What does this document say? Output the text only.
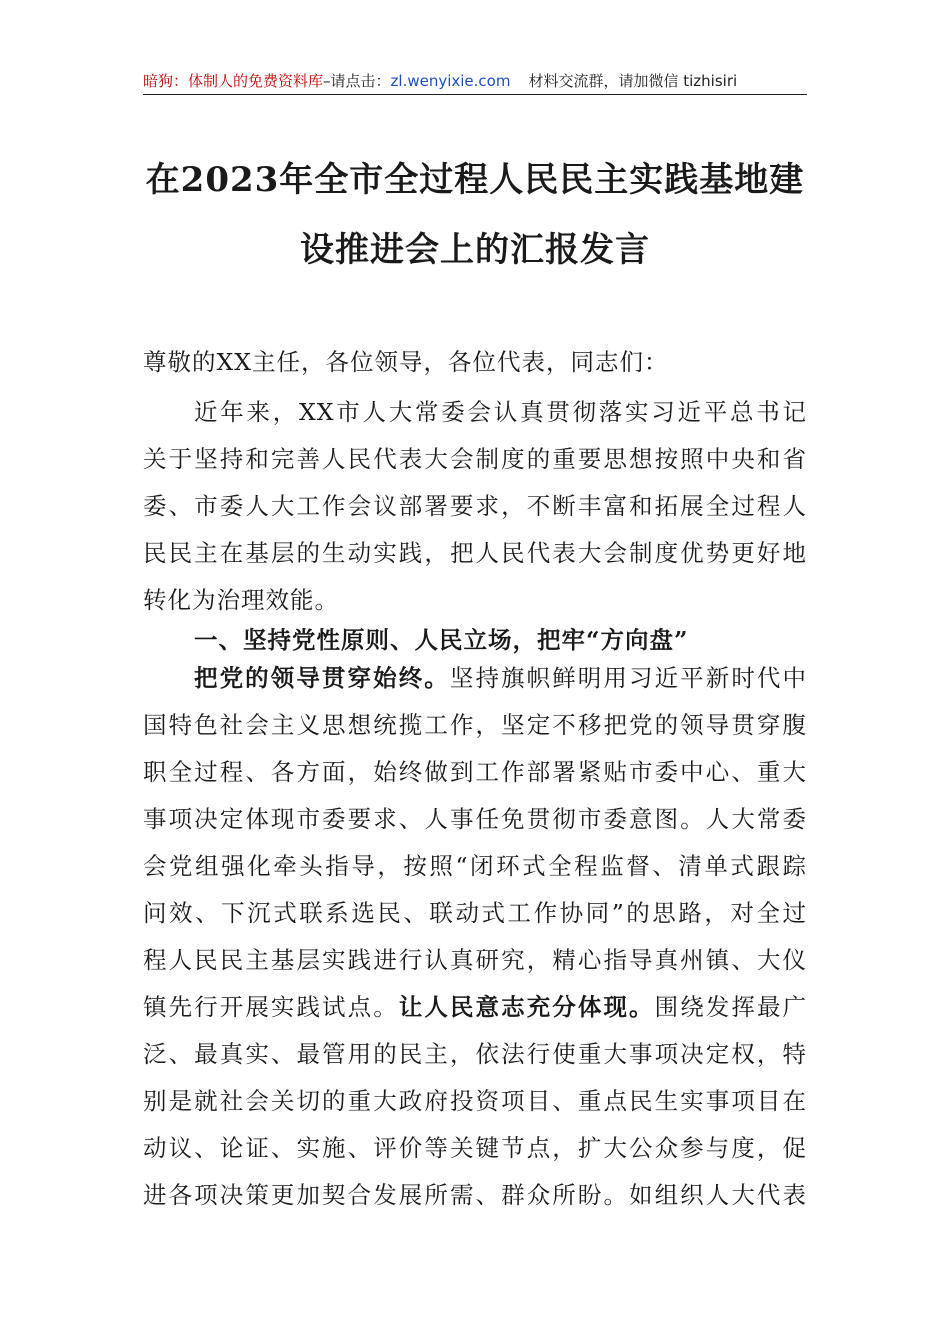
暗狗：体制人的免费资料库–请点击：zl.wenyixie.com 材料交流群，请加微信 tizhisiri
在2023年全市全过程人民民主实践基地建
设推进会上的汇报发言
尊敬的XX主任，各位领导，各位代表，同志们：
近年来，XX市人大常委会认真贯彻落实习近平总书记
关于坚持和完善人民代表大会制度的重要思想按照中央和省
委、市委人大工作会议部署要求，不断丰富和拓展全过程人
民民主在基层的生动实践，把人民代表大会制度优势更好地
转化为治理效能。
一、坚持党性原则、人民立场，把牢“方向盘”
把党的领导贯穿始终。坚持旗帜鲜明用习近平新时代中
国特色社会主义思想统揽工作，坚定不移把党的领导贯穿腹
职全过程、各方面，始终做到工作部署紧贴市委中心、重大
事项决定体现市委要求、人事任免贯彻市委意图。人大常委
会党组强化牵头指导，按照“闭环式全程监督、清单式跟踪
问效、下沉式联系选民、联动式工作协同”的思路，对全过
程人民民主基层实践进行认真研究，精心指导真州镇、大仪
镇先行开展实践试点。让人民意志充分体现。围绕发挥最广
泛、最真实、最管用的民主，依法行使重大事项决定权，特
别是就社会关切的重大政府投资项目、重点民生实事项目在
动议、论证、实施、评价等关键节点，扩大公众参与度，促
进各项决策更加契合发展所需、群众所盼。如组织人大代表
